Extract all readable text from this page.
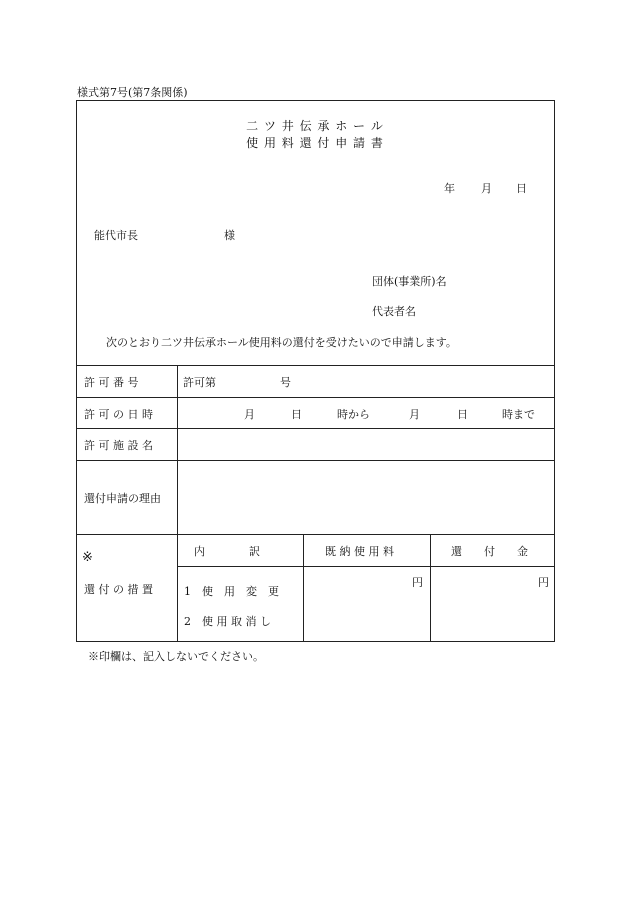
様式第7号(第7条関係)
二 ツ 井 伝 承 ホ ー ル
使 用 料 還 付 申 請 書
年 月 日
能代市長	様
団体(事業所)名
代表者名
次のとおり二ツ井伝承ホール使用料の還付を受けたいので申請します。
許 可 番 号	許可第	号
許 可 の 日 時	月	日	時から	月	日	時まで
許 可 施 設 名
還付申請の理由
※
還 付 の 措 置
内　　　　訳	既 納 使 用 料	還　　付　　金
1　使　用　変　更
2　使 用 取 消 し
円	円
※印欄は、記入しないでください。
